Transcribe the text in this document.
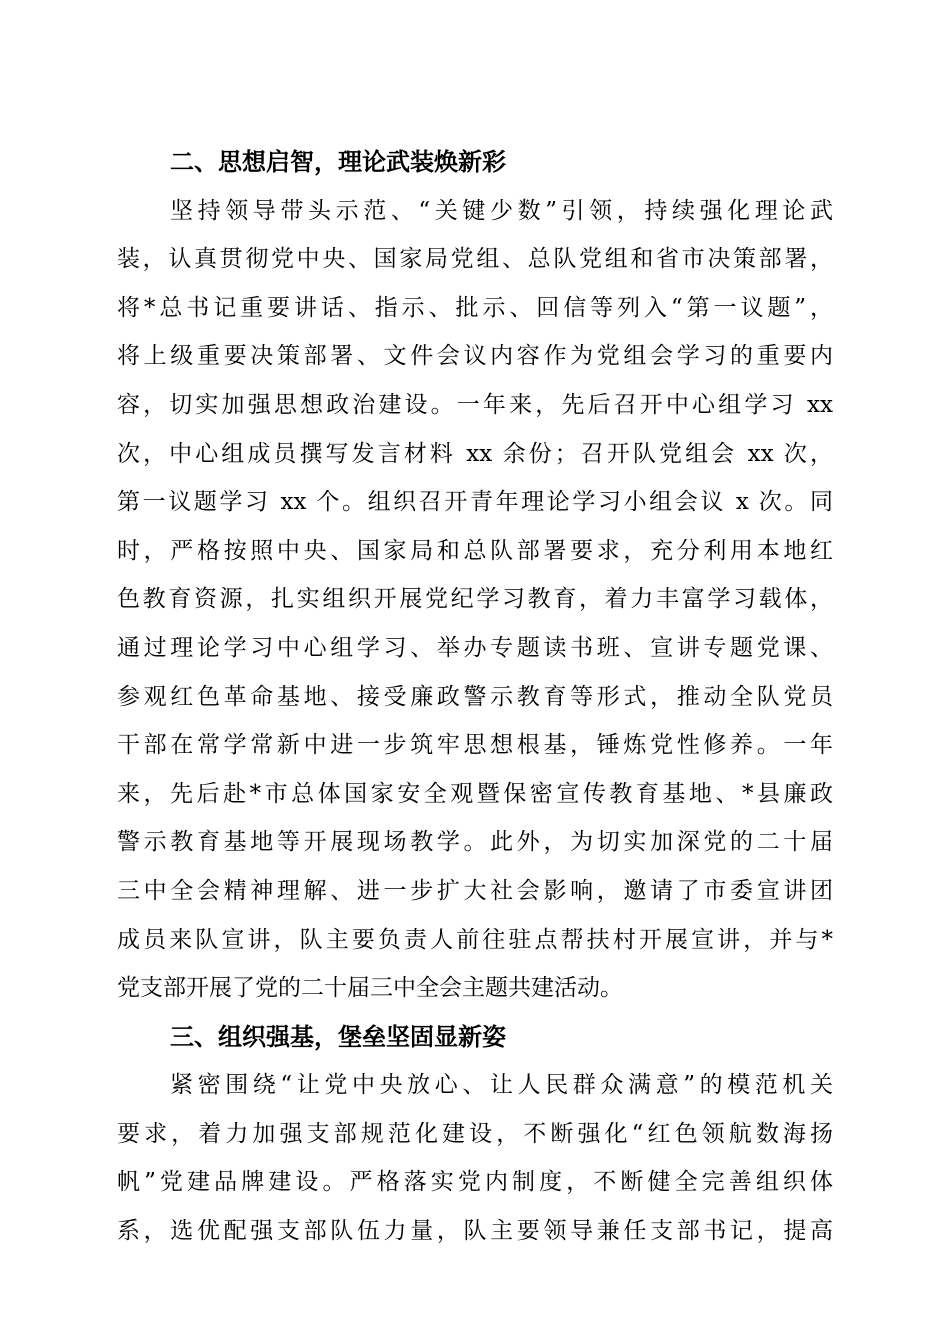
二、思想启智，理论武装焕新彩
坚持领导带头示范、“关键少数”引领，持续强化理论武
装，认真贯彻党中央、国家局党组、总队党组和省市决策部署，
将*总书记重要讲话、指示、批示、回信等列入“第一议题”，
将上级重要决策部署、文件会议内容作为党组会学习的重要内
容，切实加强思想政治建设。一年来，先后召开中心组学习 xx
次，中心组成员撰写发言材料 xx 余份；召开队党组会 xx 次，
第一议题学习 xx 个。组织召开青年理论学习小组会议 x 次。同
时，严格按照中央、国家局和总队部署要求，充分利用本地红
色教育资源，扎实组织开展党纪学习教育，着力丰富学习载体，
通过理论学习中心组学习、举办专题读书班、宣讲专题党课、
参观红色革命基地、接受廉政警示教育等形式，推动全队党员
干部在常学常新中进一步筑牢思想根基，锤炼党性修养。一年
来，先后赴*市总体国家安全观暨保密宣传教育基地、*县廉政
警示教育基地等开展现场教学。此外，为切实加深党的二十届
三中全会精神理解、进一步扩大社会影响，邀请了市委宣讲团
成员来队宣讲，队主要负责人前往驻点帮扶村开展宣讲，并与*
党支部开展了党的二十届三中全会主题共建活动。
三、组织强基，堡垒坚固显新姿
紧密围绕“让党中央放心、让人民群众满意”的模范机关
要求，着力加强支部规范化建设，不断强化“红色领航数海扬
帆”党建品牌建设。严格落实党内制度，不断健全完善组织体
系，选优配强支部队伍力量，队主要领导兼任支部书记，提高
